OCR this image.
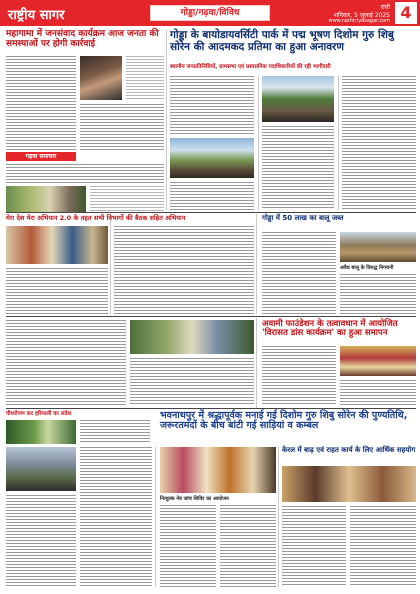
राष्ट्रीय सागर	गोड्डा/गढ़वा/विविध
रांची
शनिवार, 5 जुलाई 2025
www.rashtriyasagar.com 4
महागामा में जनसंवाद कार्यक्रम आज जनता की समस्याओं पर होगी कार्रवाई
गढ़वा समाचार
गोड्डा के बायोडायवर्सिटी पार्क में पद्म भूषण दिशोम गुरु शिबु सोरेन की आदमकद प्रतिमा का हुआ अनावरण
स्थानीय जनप्रतिनिधियों, ग्रामसभा एवं प्रशासनिक पदाधिकारियों की रही भागीदारी
मेरा देश मेरा अभियान 2.0 के तहत सभी विभागों की बैठक सहित अभियान	गोड्डा में 50 लाख का बालू जब्त
अवैध बालू के विरुद्ध निगरानी
अवामी फाउंडेशन के तत्वावधान में आयोजित 'विरासत डांस कार्यक्रम' का हुआ समापन
पौधरोपण कर हरियाली का संदेश	भवनाथपुर में श्रद्धापूर्वक मनाई गई दिशोम गुरु शिबु सोरेन की पुण्यतिथि, जरूरतमंदों के बीच बांटी गई साड़ियां व कम्बल
निःशुल्क नेत्र जांच शिविर का आयोजन
केरल में बाढ़ एवं राहत कार्य के लिए आर्थिक सहयोग
